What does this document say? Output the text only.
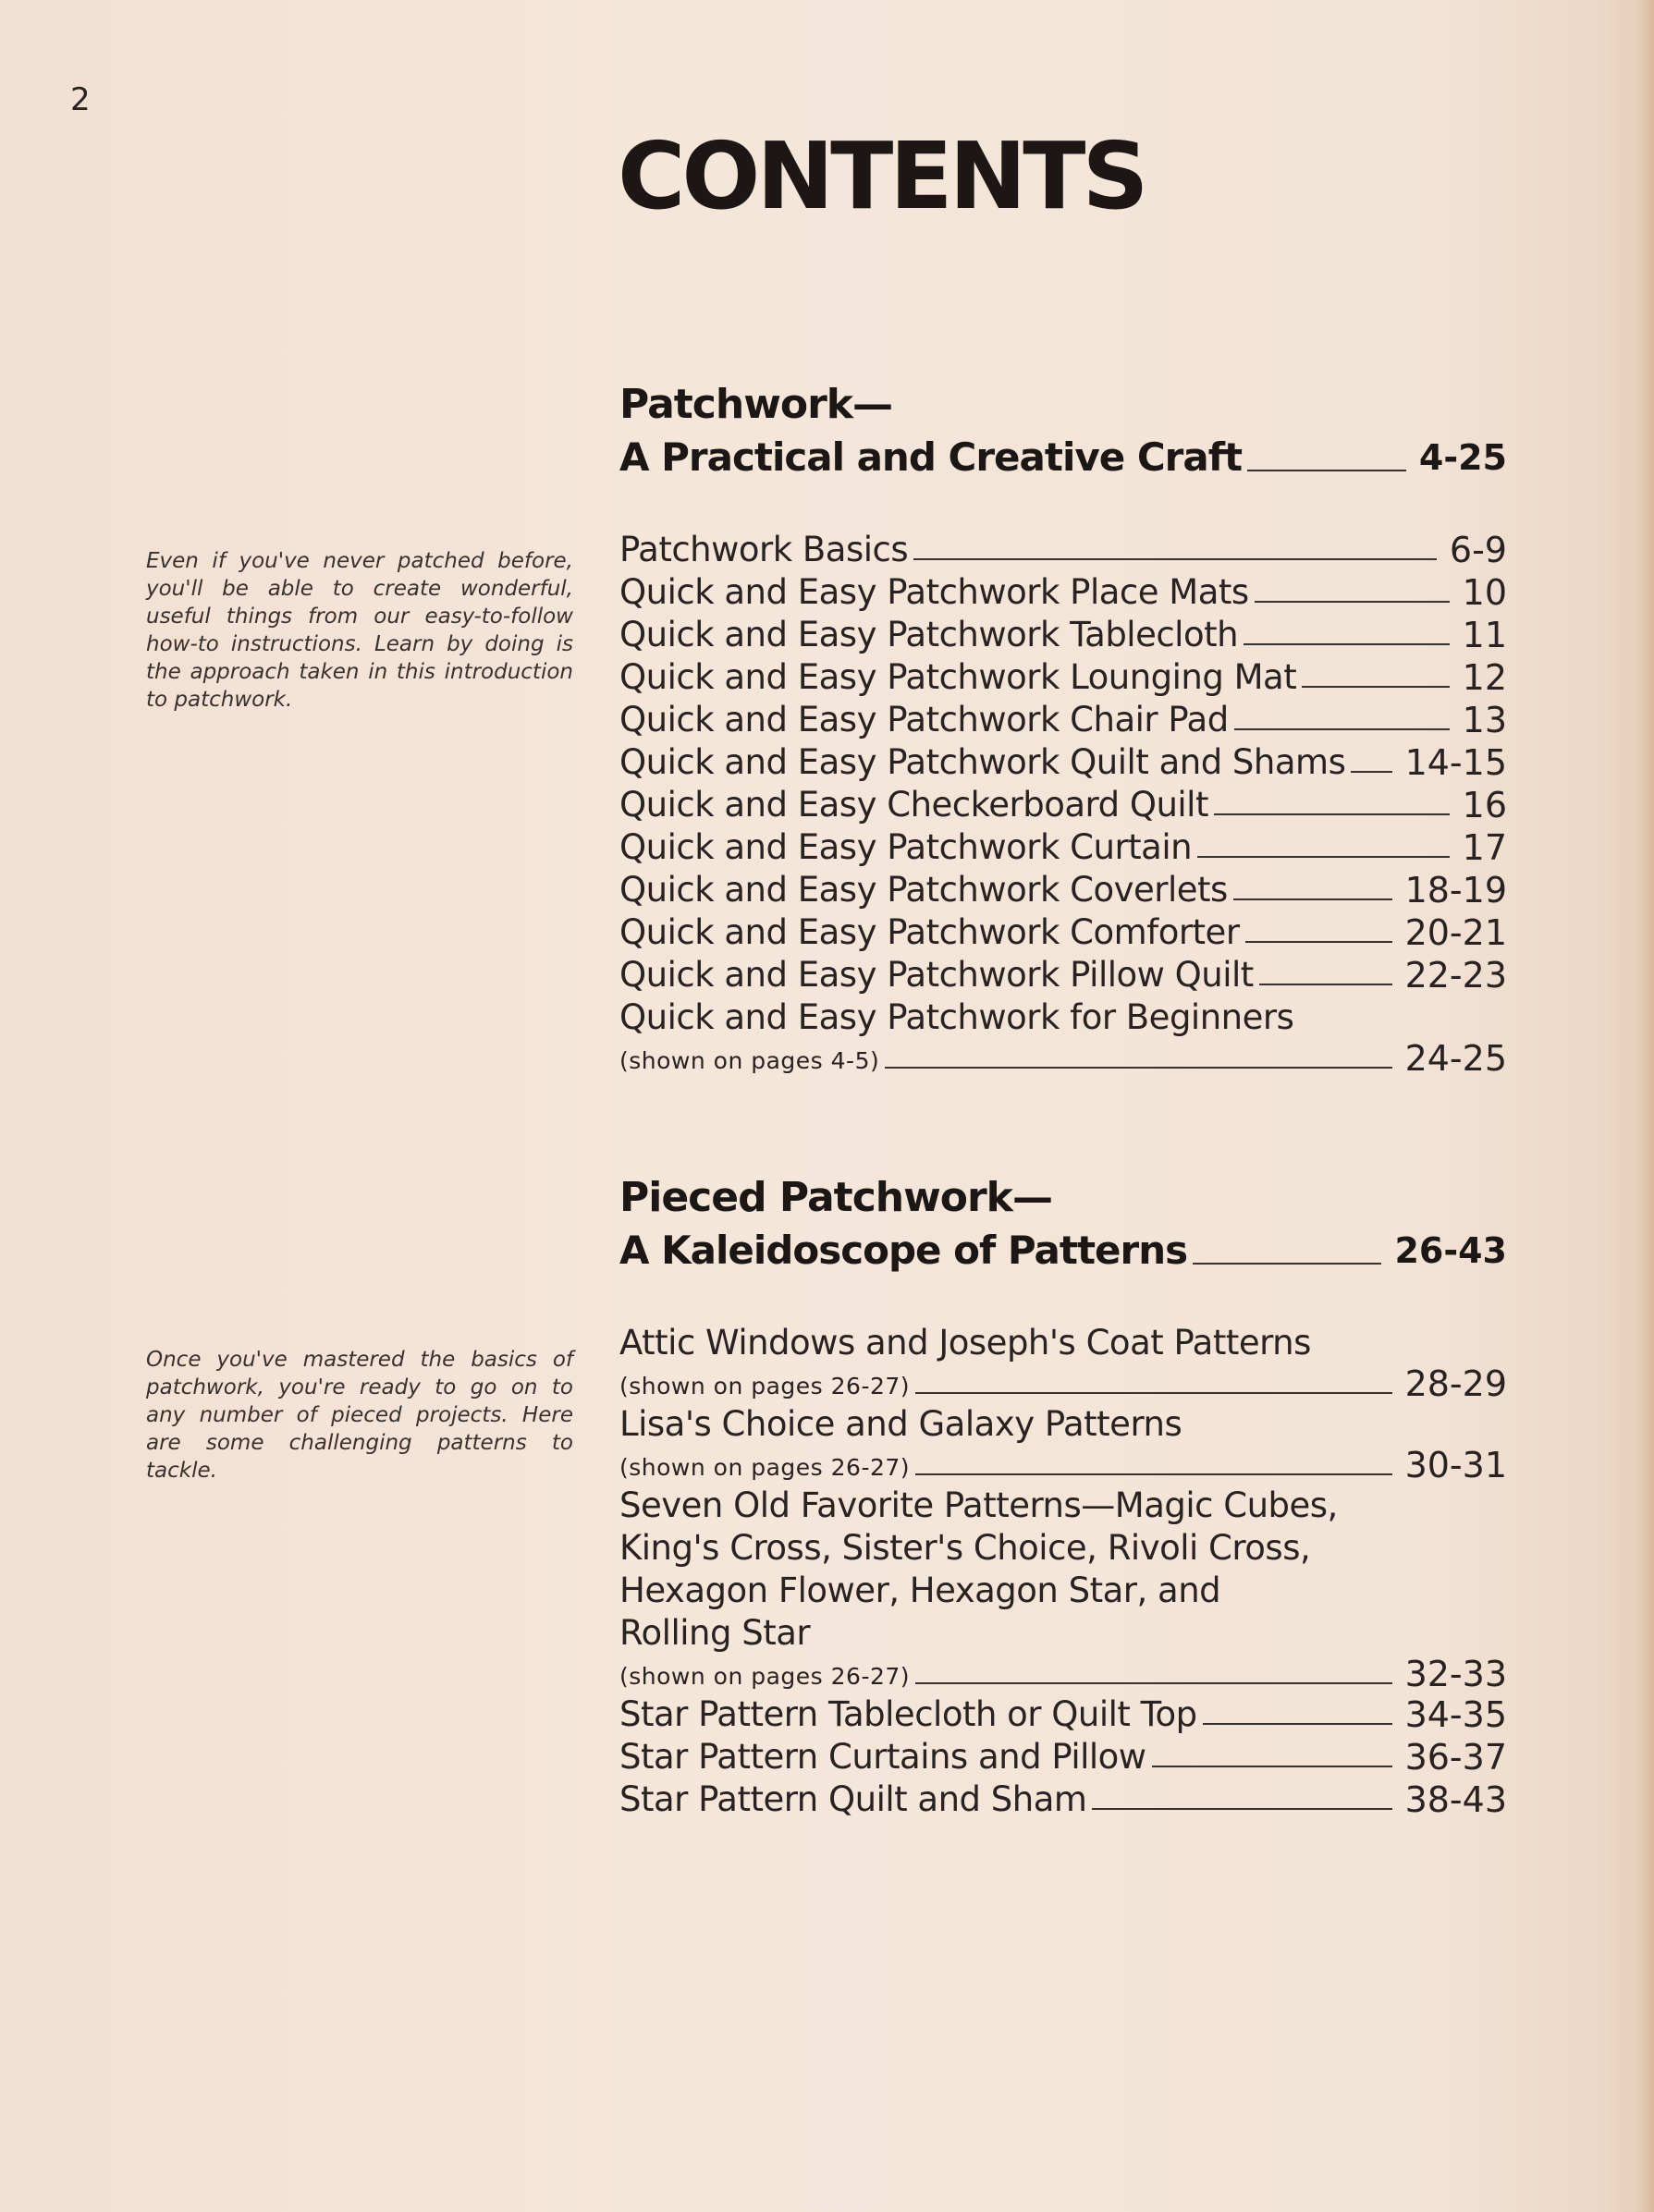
2
CONTENTS
Even if you've never patched before, you'll be able to create wonderful, useful things from our easy-to-follow how-to instructions. Learn by doing is the approach taken in this introduction to patchwork.
Once you've mastered the basics of patchwork, you're ready to go on to any number of pieced projects. Here are some challenging patterns to tackle.
Patchwork—
A Practical and Creative Craft	4-25
Patchwork Basics	6-9
Quick and Easy Patchwork Place Mats	10
Quick and Easy Patchwork Tablecloth	11
Quick and Easy Patchwork Lounging Mat	12
Quick and Easy Patchwork Chair Pad	13
Quick and Easy Patchwork Quilt and Shams 14-15
Quick and Easy Checkerboard Quilt	16
Quick and Easy Patchwork Curtain	17
Quick and Easy Patchwork Coverlets	18-19
Quick and Easy Patchwork Comforter	20-21
Quick and Easy Patchwork Pillow Quilt	22-23
Quick and Easy Patchwork for Beginners
(shown on pages 4-5)	24-25
Pieced Patchwork—
A Kaleidoscope of Patterns	26-43
Attic Windows and Joseph's Coat Patterns
(shown on pages 26-27)	28-29
Lisa's Choice and Galaxy Patterns
(shown on pages 26-27)	30-31
Seven Old Favorite Patterns—Magic Cubes, King's Cross, Sister's Choice, Rivoli Cross, Hexagon Flower, Hexagon Star, and Rolling Star
(shown on pages 26-27)	32-33
Star Pattern Tablecloth or Quilt Top	34-35
Star Pattern Curtains and Pillow	36-37
Star Pattern Quilt and Sham	38-43
